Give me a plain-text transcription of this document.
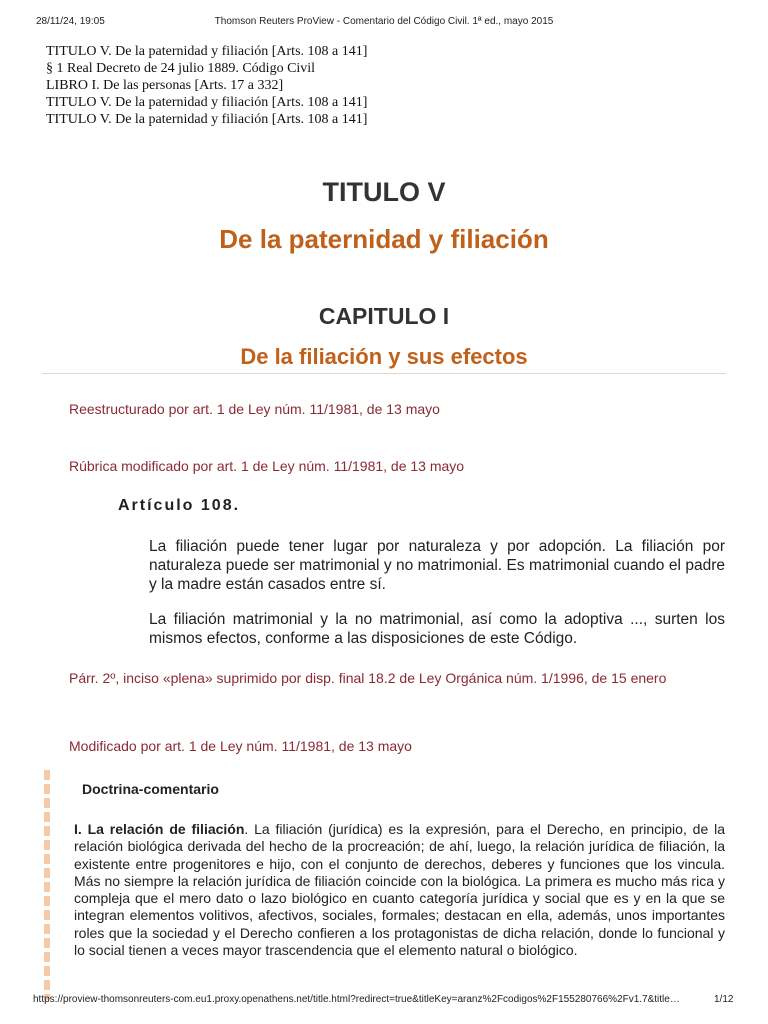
28/11/24, 19:05	Thomson Reuters ProView - Comentario del Código Civil. 1ª ed., mayo 2015
TITULO V. De la paternidad y filiación [Arts. 108 a 141]
§ 1 Real Decreto de 24 julio 1889. Código Civil
LIBRO I. De las personas [Arts. 17 a 332]
TITULO V. De la paternidad y filiación [Arts. 108 a 141]
TITULO V. De la paternidad y filiación [Arts. 108 a 141]
TITULO V
De la paternidad y filiación
CAPITULO I
De la filiación y sus efectos
Reestructurado por art. 1 de Ley núm. 11/1981, de 13 mayo
Rúbrica modificado por art. 1 de Ley núm. 11/1981, de 13 mayo
Artículo 108.
La filiación puede tener lugar por naturaleza y por adopción. La filiación por naturaleza puede ser matrimonial y no matrimonial. Es matrimonial cuando el padre y la madre están casados entre sí.
La filiación matrimonial y la no matrimonial, así como la adoptiva ..., surten los mismos efectos, conforme a las disposiciones de este Código.
Párr. 2º, inciso «plena» suprimido por disp. final 18.2 de Ley Orgánica núm. 1/1996, de 15 enero
Modificado por art. 1 de Ley núm. 11/1981, de 13 mayo
Doctrina-comentario
I. La relación de filiación. La filiación (jurídica) es la expresión, para el Derecho, en principio, de la relación biológica derivada del hecho de la procreación; de ahí, luego, la relación jurídica de filiación, la existente entre progenitores e hijo, con el conjunto de derechos, deberes y funciones que los vincula. Más no siempre la relación jurídica de filiación coincide con la biológica. La primera es mucho más rica y compleja que el mero dato o lazo biológico en cuanto categoría jurídica y social que es y en la que se integran elementos volitivos, afectivos, sociales, formales; destacan en ella, además, unos importantes roles que la sociedad y el Derecho confieren a los protagonistas de dicha relación, donde lo funcional y lo social tienen a veces mayor trascendencia que el elemento natural o biológico.
https://proview-thomsonreuters-com.eu1.proxy.openathens.net/title.html?redirect=true&titleKey=aranz%2Fcodigos%2F155280766%2Fv1.7&title…	1/12
